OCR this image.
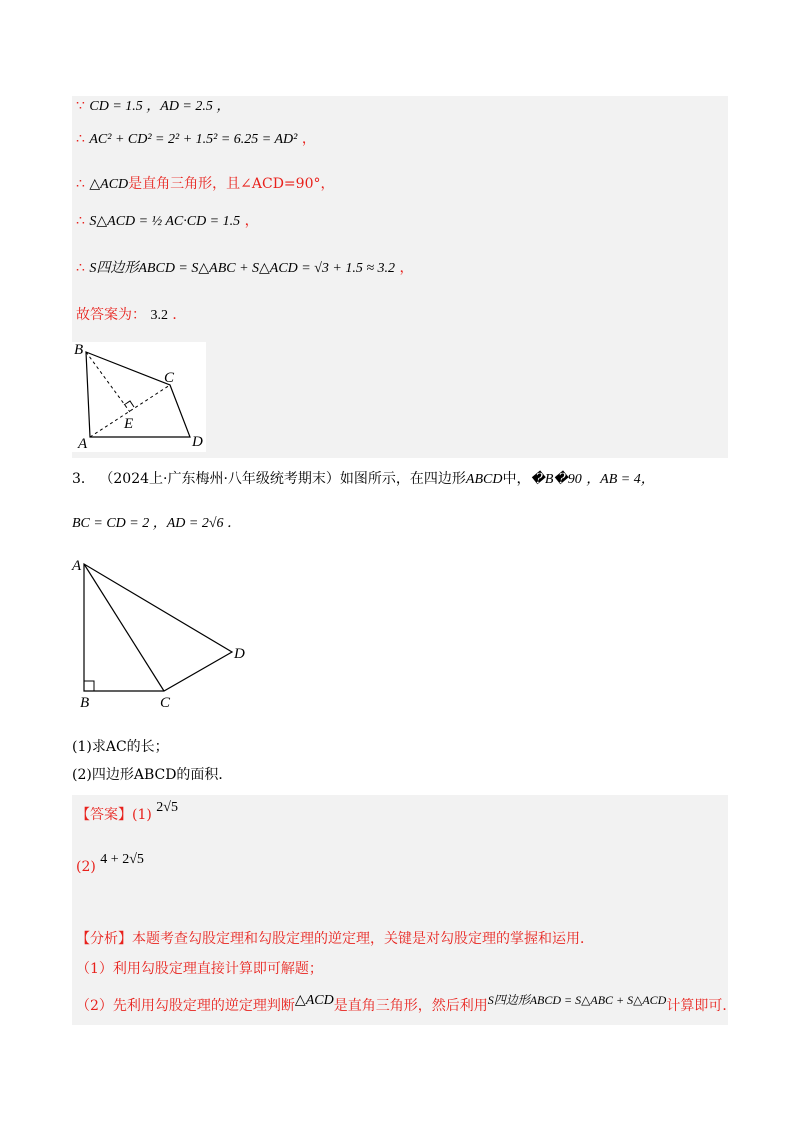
∵ CD = 1.5 ，AD = 2.5 ，
∴ AC² + CD² = 2² + 1.5² = 6.25 = AD² ，
∴ △ACD是直角三角形，且∠ACD=90°，
∴ S△ACD = ½ AC·CD = 1.5 ，
∴ S四边形ABCD = S△ABC + S△ACD = √3 + 1.5 ≈ 3.2 ，
故答案为： 3.2 ．
B
C
E
A	D
3． （2024上·广东梅州·八年级统考期末）如图所示，在四边形ABCD中，�B�90 ，AB = 4，
BC = CD = 2 ，AD = 2√6 ．
A
B	C
D
(1)求AC的长；
(2)四边形ABCD的面积．
【答案】(1) 2√5
(2) 4 + 2√5
【分析】本题考查勾股定理和勾股定理的逆定理，关键是对勾股定理的掌握和运用．
（1）利用勾股定理直接计算即可解题；
（2）先利用勾股定理的逆定理判断△ACD是直角三角形，然后利用S四边形ABCD = S△ABC + S△ACD计算即可．
